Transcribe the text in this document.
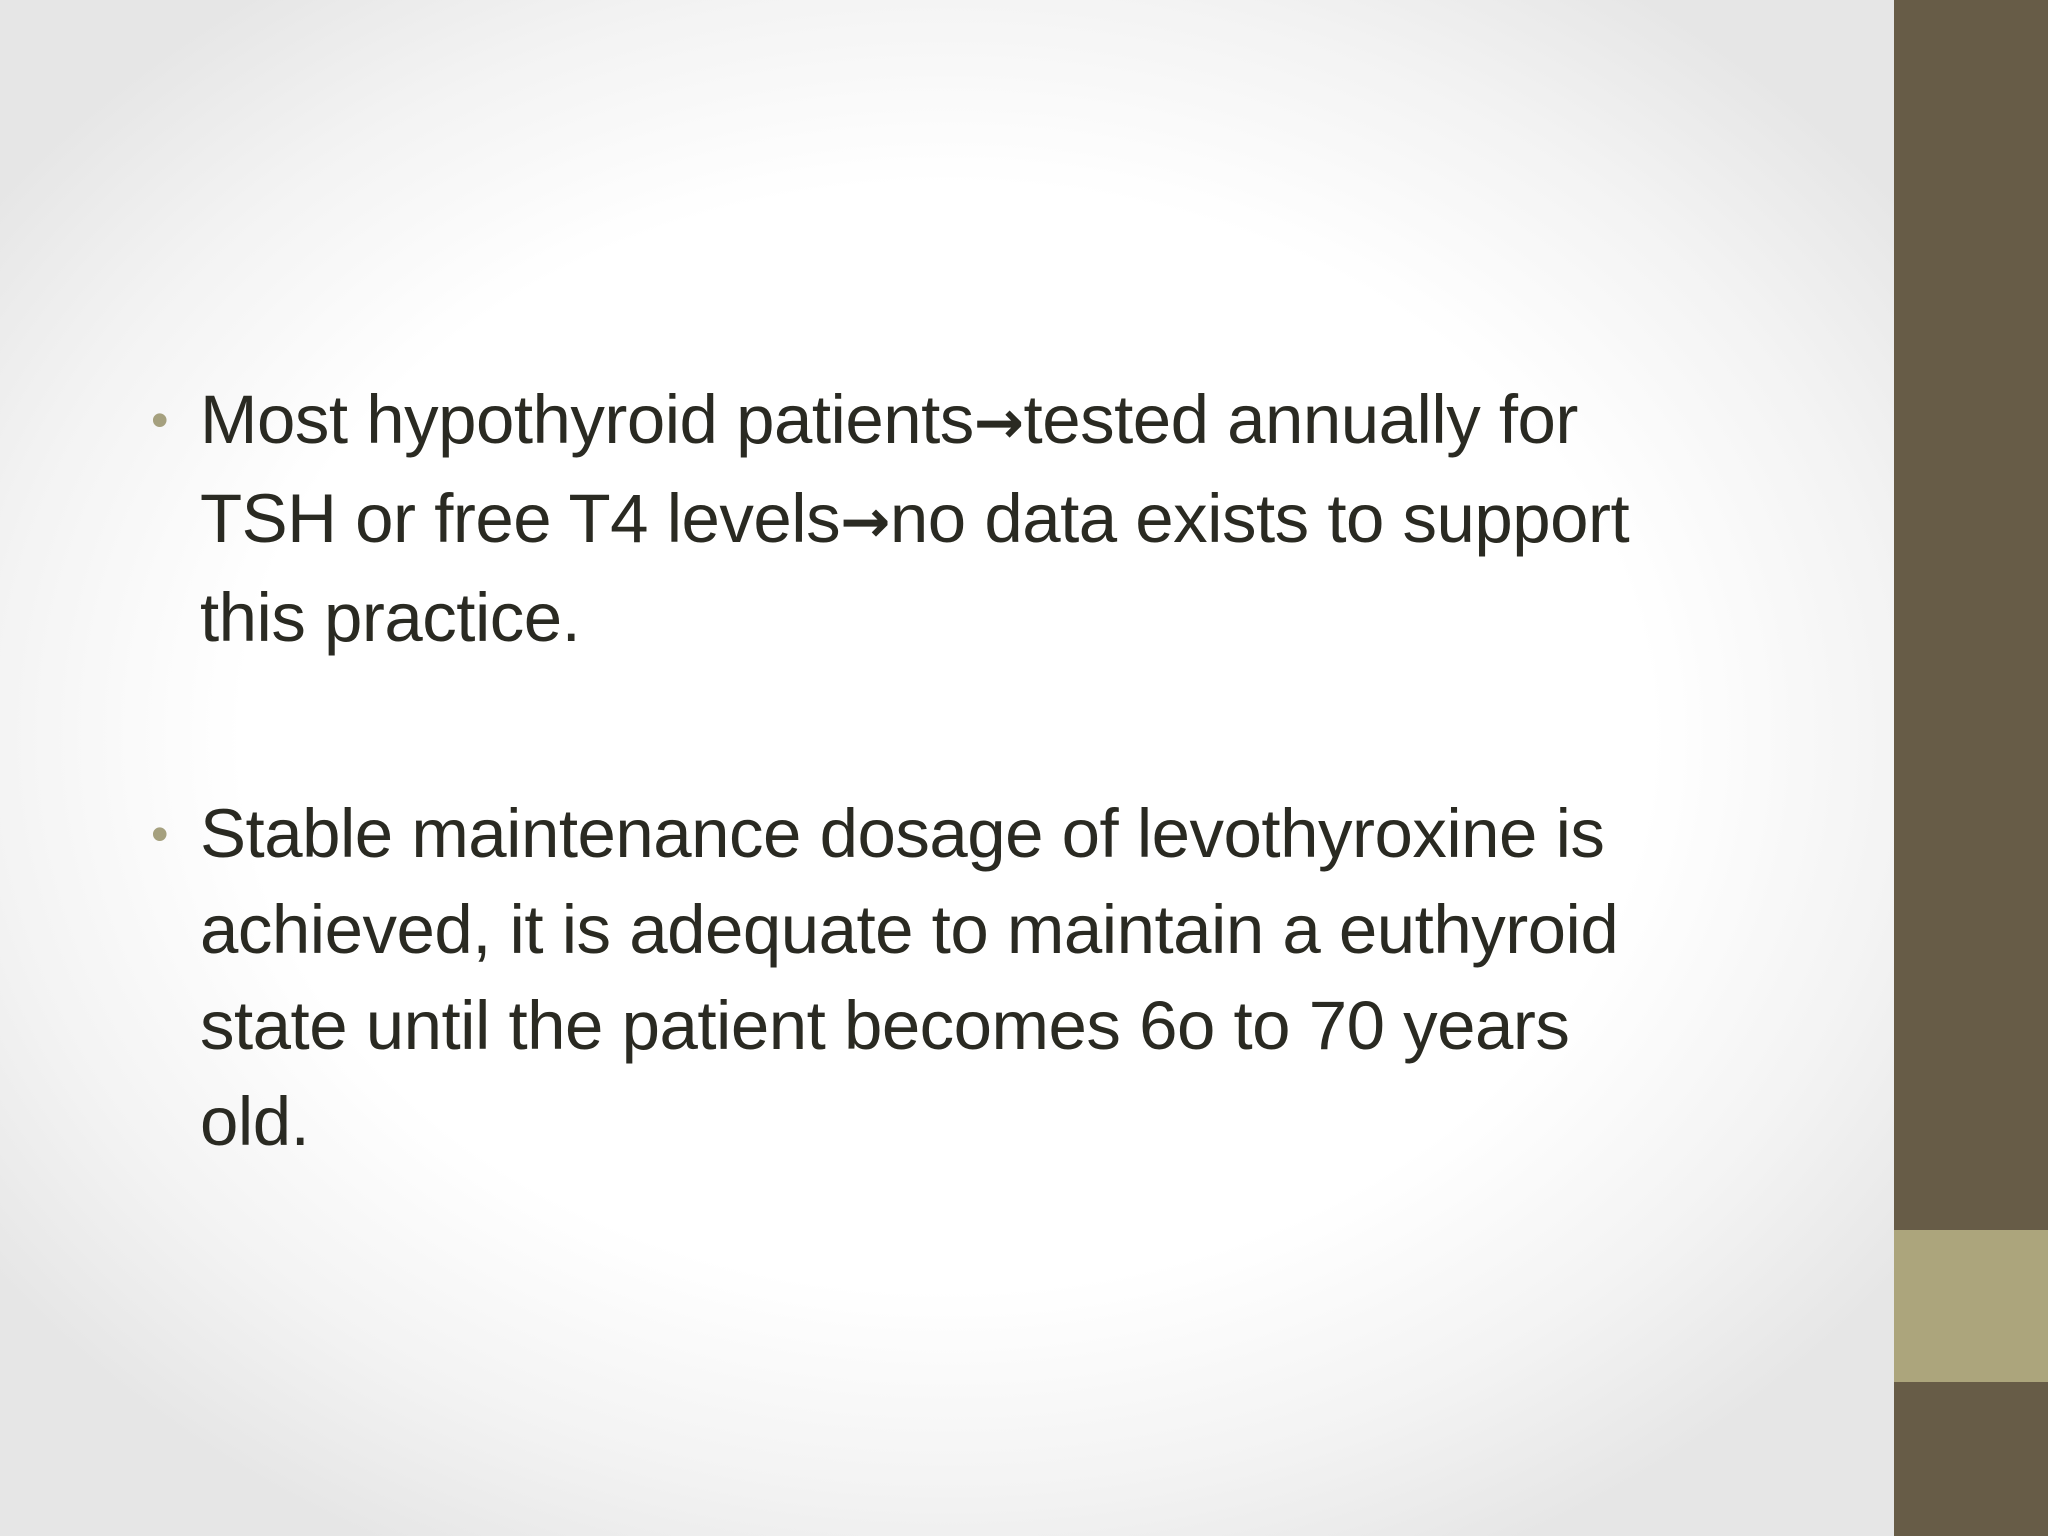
• Most hypothyroid patients→tested annually for
TSH or free T4 levels→no data exists to support
this practice.
• Stable maintenance dosage of levothyroxine is
achieved, it is adequate to maintain a euthyroid
state until the patient becomes 6o to 70 years
old.
